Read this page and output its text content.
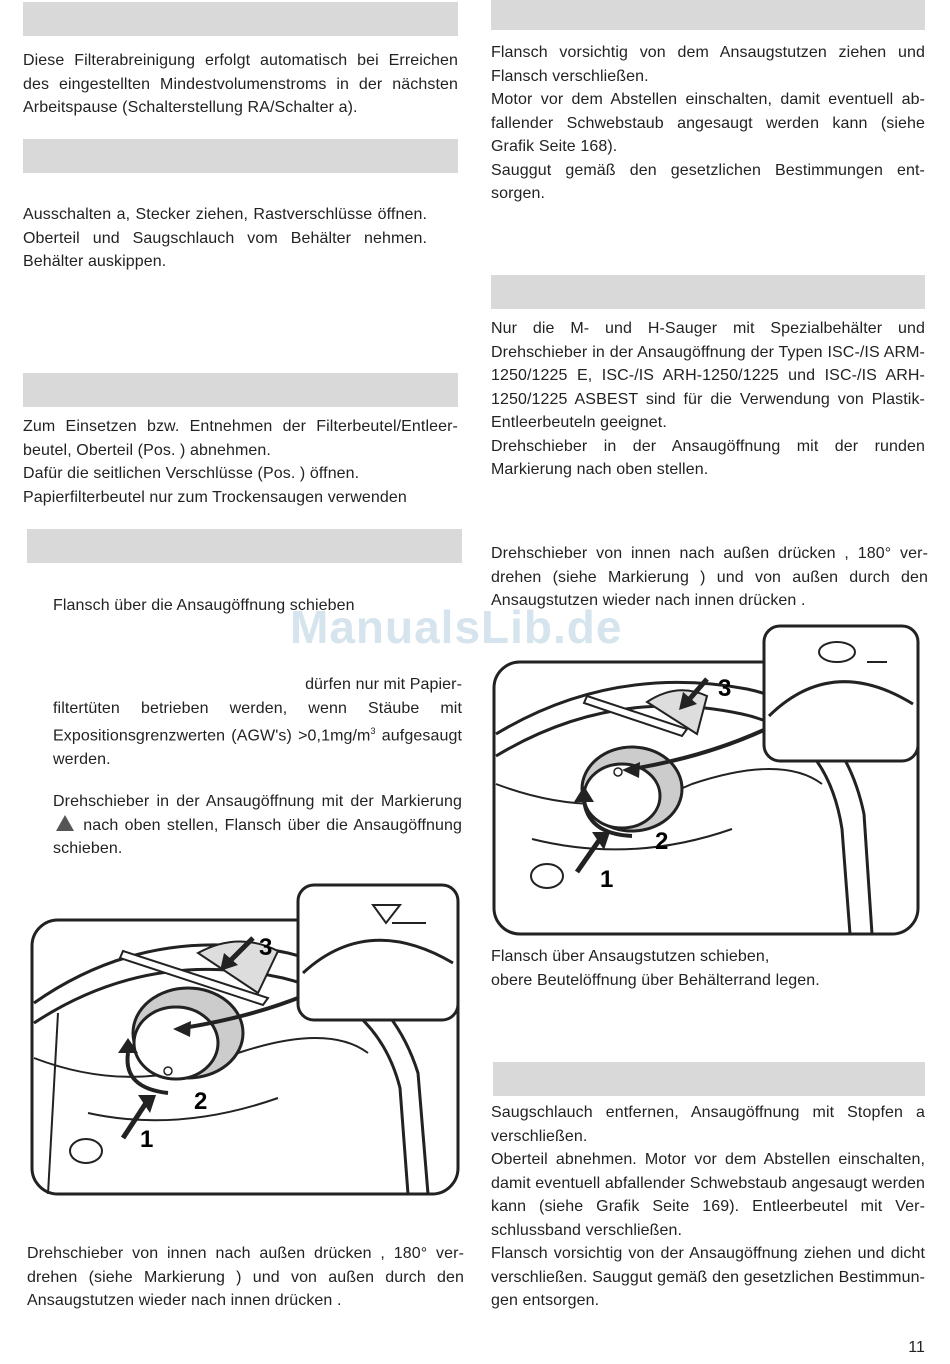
Diese Filterabreinigung erfolgt automatisch bei Erreichen des eingestellten Mindestvolumenstroms in der nächsten Arbeitspause (Schalterstellung RA/Schalter a).

Ausschalten a, Stecker ziehen, Rastverschlüsse öffnen. Oberteil und Saugschlauch vom Behälter nehmen. Behälter auskippen.

Zum Einsetzen bzw. Entnehmen der Filterbeutel/Entleer-beutel, Oberteil (Pos. ) abnehmen.

Dafür die seitlichen Verschlüsse (Pos. ) öffnen.

Papierfilterbeutel nur zum Trockensaugen verwenden

Flansch über die Ansaugöffnung schieben

dürfen nur mit Papier-

filtertüten betrieben werden, wenn Stäube mit Expositionsgrenzwerten $(AGW's) >0,1mg/m^3$ aufgesaugt werden.

Drehschieber in der Ansaugöffnung mit der Markierung  nach oben stellen, Flansch über die Ansaugöffnung schieben.

3
2
1

Drehschieber von innen nach außen drücken , 180° ver-drehen (siehe Markierung ) und von außen durch den Ansaugstutzen wieder nach innen drücken .

Flansch vorsichtig von dem Ansaugstutzen ziehen und Flansch verschließen.

Motor vor dem Abstellen einschalten, damit eventuell ab-fallender Schwebstaub angesaugt werden kann (siehe Grafik Seite 168).

Sauggut gemäß den gesetzlichen Bestimmungen ent-sorgen.

Nur die M- und H-Sauger mit Spezialbehälter und Drehschieber in der Ansaugöffnung der Typen ISC-/IS ARM-1250/1225 E, ISC-/IS ARH-1250/1225 und ISC-/IS ARH-1250/1225 ASBEST sind für die Verwendung von Plastik-Entleerbeuteln geeignet.

Drehschieber in der Ansaugöffnung mit der runden Markierung nach oben stellen.

Drehschieber von innen nach außen drücken , 180° ver-drehen (siehe Markierung ) und von außen durch den Ansaugstutzen wieder nach innen drücken .

3
2
1

Flansch über Ansaugstutzen schieben,

obere Beutelöffnung über Behälterrand legen.

Saugschlauch entfernen, Ansaugöffnung mit Stopfen a verschließen.

Oberteil abnehmen. Motor vor dem Abstellen einschalten, damit eventuell abfallender Schwebstaub angesaugt werden kann (siehe Grafik Seite 169). Entleerbeutel mit Ver-schlussband verschließen.

Flansch vorsichtig von der Ansaugöffnung ziehen und dicht verschließen. Sauggut gemäß den gesetzlichen Bestimmun-gen entsorgen.

ManualsLib.de
11
